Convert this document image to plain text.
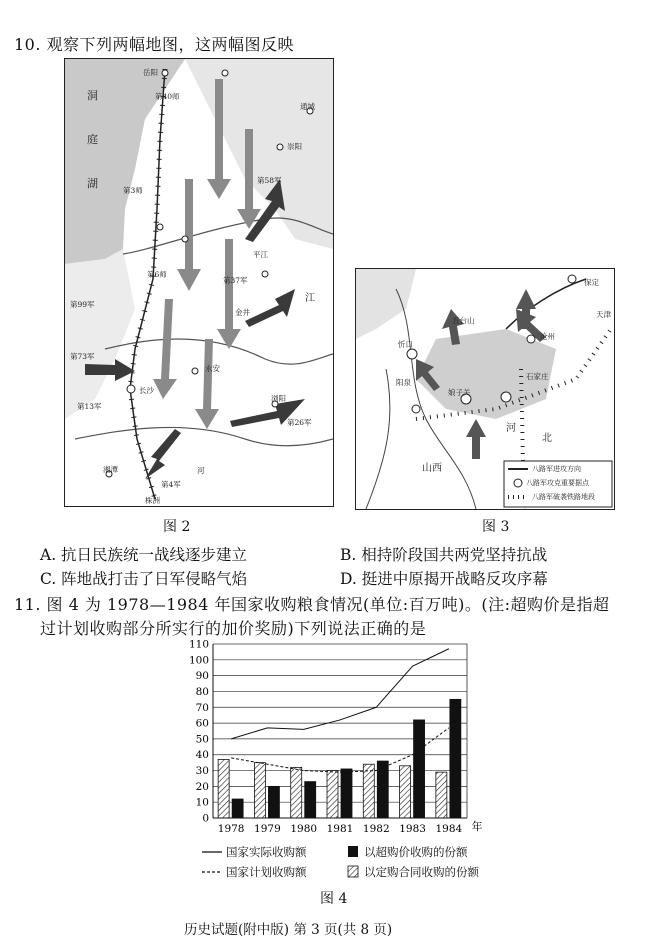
10. 观察下列两幅地图，这两幅图反映
岳阳
通城
崇阳
洞
庭
湖
第40师
第3师
第6师
第58军
平江
第37军
金井
第99军
第73军
长沙
第13军
永安
浏阳
第26军
湘潭
第4军
株洲
河
江
天津
沧州
石家庄
保定
山西
河
北
阳泉
五台山
忻口
娘子关
八路军进攻方向
八路军攻克重要据点
八路军破袭铁路地段
图 2	图 3
A. 抗日民族统一战线逐步建立	B. 相持阶段国共两党坚持抗战
C. 阵地战打击了日军侵略气焰	D. 挺进中原揭开战略反攻序幕
11. 图 4 为 1978—1984 年国家收购粮食情况(单位:百万吨)。(注:超购价是指超
过计划收购部分所实行的加价奖励)下列说法正确的是
0
10
20
30
40
50
60
70
80
90
100
110
1978 1979 1980 1981 1982 1983 1984 年
国家实际收购额	以超购价收购的份额
国家计划收购额	以定购合同收购的份额
图 4
历史试题(附中版) 第 3 页(共 8 页)
